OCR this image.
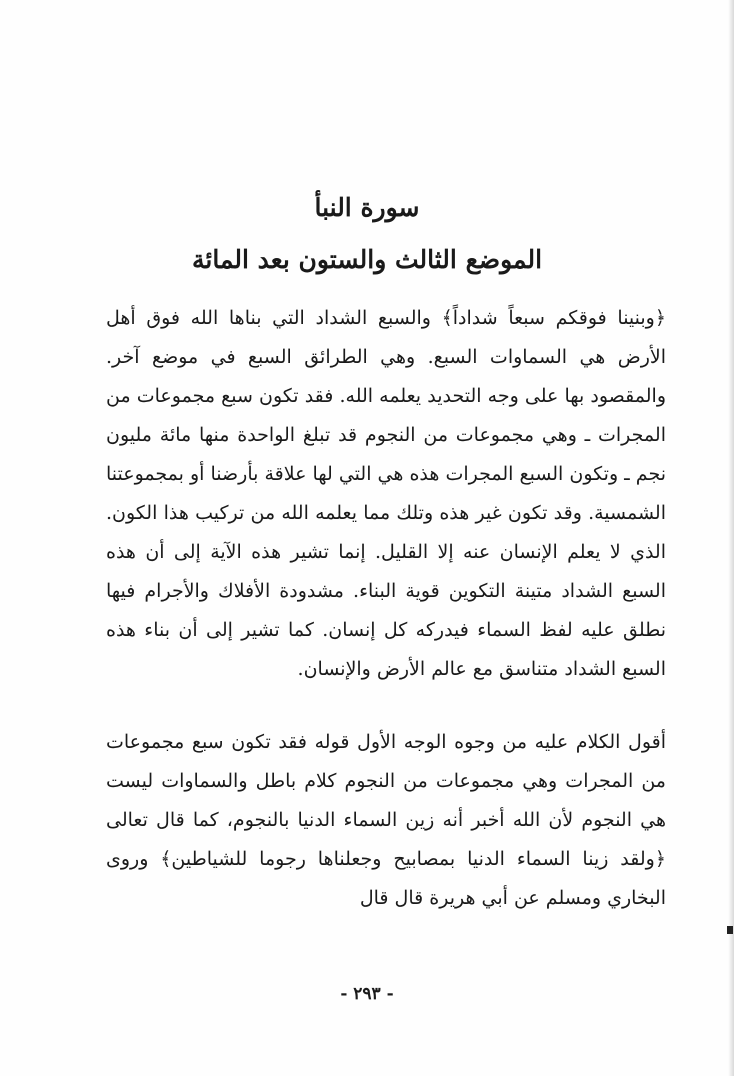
سورة النبأ
الموضع الثالث والستون بعد المائة

﴿وبنينا فوقكم سبعاً شداداً﴾ والسبع الشداد التي بناها الله فوق أهل الأرض هي السماوات السبع. وهي الطرائق السبع في موضع آخر. والمقصود بها على وجه التحديد يعلمه الله. فقد تكون سبع مجموعات من المجرات ـ وهي مجموعات من النجوم قد تبلغ الواحدة منها مائة مليون نجم ـ وتكون السبع المجرات هذه هي التي لها علاقة بأرضنا أو بمجموعتنا الشمسية. وقد تكون غير هذه وتلك مما يعلمه الله من تركيب هذا الكون. الذي لا يعلم الإنسان عنه إلا القليل. إنما تشير هذه الآية إلى أن هذه السبع الشداد متينة التكوين قوية البناء. مشدودة الأفلاك والأجرام فيها نطلق عليه لفظ السماء فيدركه كل إنسان. كما تشير إلى أن بناء هذه السبع الشداد متناسق مع عالم الأرض والإنسان.

أقول الكلام عليه من وجوه الوجه الأول قوله فقد تكون سبع مجموعات من المجرات وهي مجموعات من النجوم كلام باطل والسماوات ليست هي النجوم لأن الله أخبر أنه زين السماء الدنيا بالنجوم، كما قال تعالى ﴿ولقد زينا السماء الدنيا بمصابيح وجعلناها رجوما للشياطين﴾ وروى البخاري ومسلم عن أبي هريرة قال قال

- ٢٩٣ -
